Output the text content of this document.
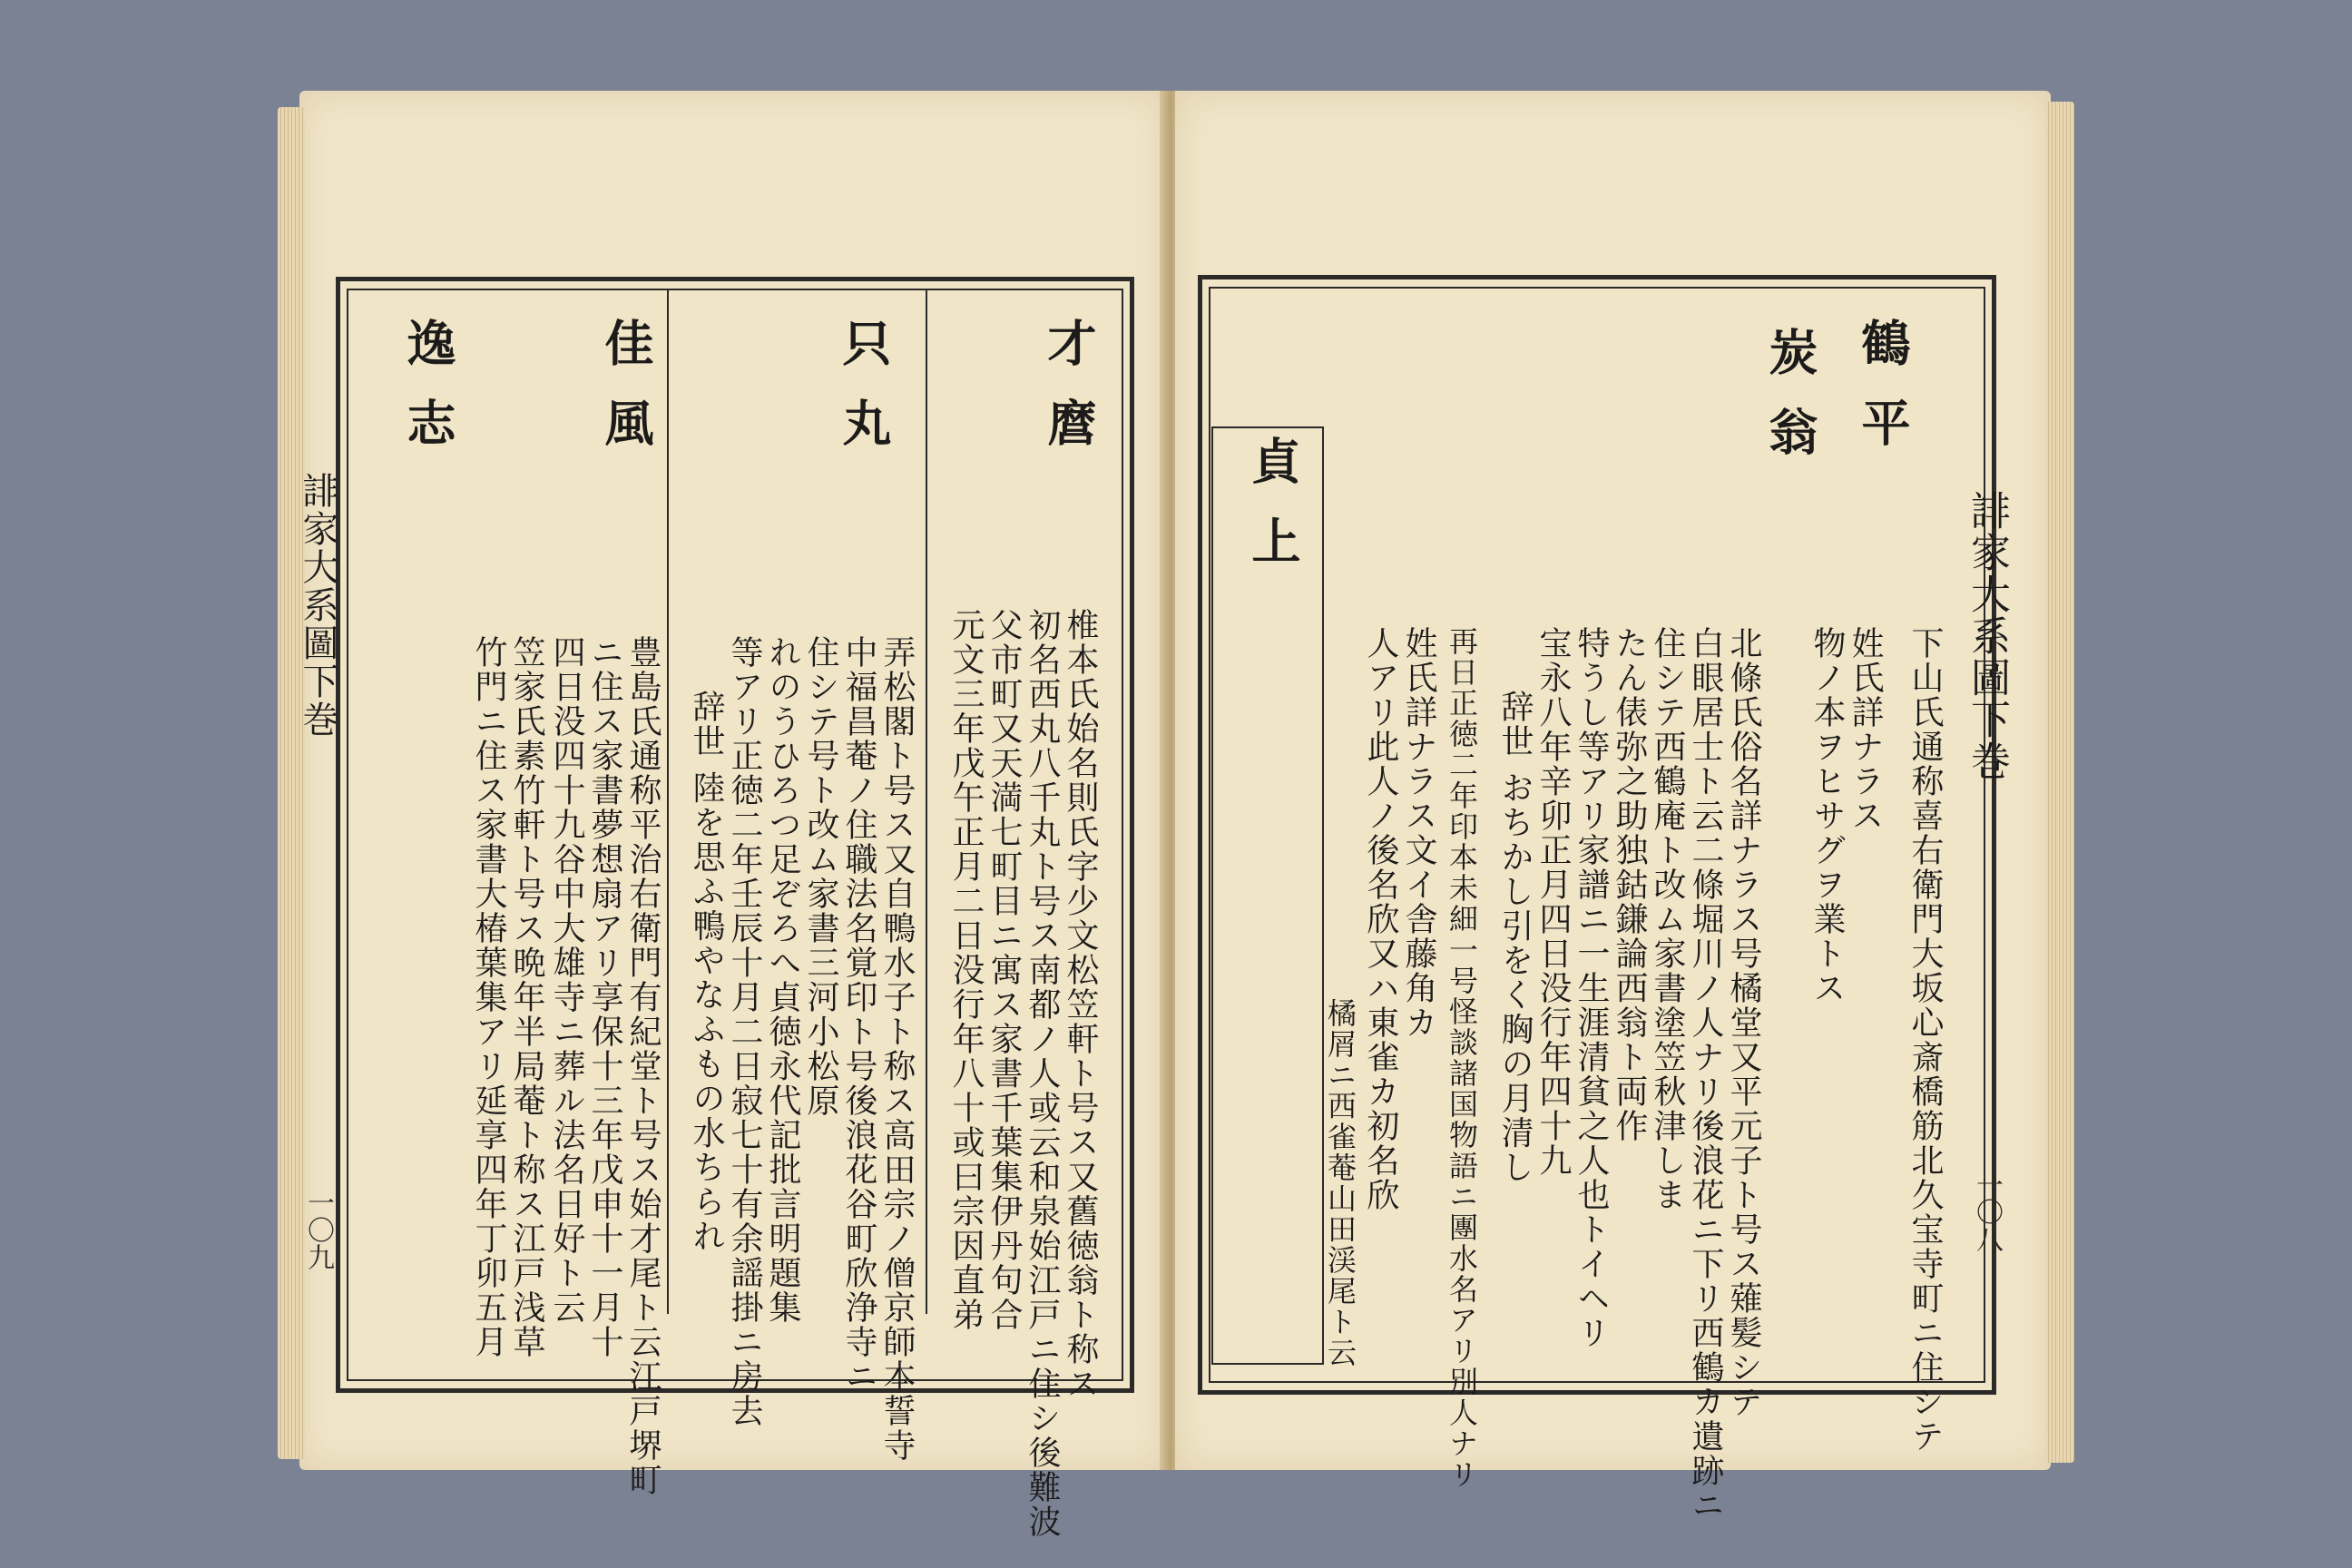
才麿
椎本氏始名則氏字少文松笠軒ト号ス又舊徳翁ト称ス
初名西丸八千丸ト号ス南都ノ人或云和泉始江戸ニ住シ後難波
父市町又天満七町目ニ寓ス家書千葉集伊丹句合
元文三年戊午正月二日没行年八十或曰宗因直弟
只丸
弄松閣ト号ス又自鴨水子ト称ス高田宗ノ僧京師本誓寺
中福昌菴ノ住職法名覚印ト号後浪花谷町欣浄寺ニ
住シテ号ト改ム家書三河小松原
れのうひろつ足ぞろへ貞徳永代記批言明題集
等アリ正徳二年壬辰十月二日寂七十有余謡掛ニ房去
辞世 陸を思ふ鴨やなふもの水ちられ
佳風
豊島氏通称平治右衛門有紀堂ト号ス始才尾ト云江戸堺町
ニ住ス家書夢想扇アリ享保十三年戊申十一月十
四日没四十九谷中大雄寺ニ葬ル法名日好ト云
逸志
笠家氏素竹軒ト号ス晩年半局菴ト称ス江戸浅草
竹門ニ住ス家書大椿葉集アリ延享四年丁卯五月
誹家大系圖下巻
一〇九
誹家大系圖下巻
一〇八
鶴平
姓氏詳ナラス
物ノ本ヲヒサグヲ業トス 下山氏通称喜右衛門大坂心斎橋筋北久宝寺町ニ住シテ
炭翁
北條氏俗名詳ナラス号橘堂又平元子ト号ス薙髪シテ
白眼居士ト云二條堀川ノ人ナリ後浪花ニ下リ西鶴カ遺跡ニ
住シテ西鶴庵ト改ム家書塗笠秋津しま
たん俵弥之助独鈷鎌論西翁ト両作
特うし等アリ家譜ニ一生涯清貧之人也トイヘリ
宝永八年辛卯正月四日没行年四十九
辞世 おちかし引をく胸の月清し
貞上
姓氏詳ナラス文イ舎藤角カ
人アリ此人ノ後名欣又ハ東雀カ初名欣 再日正徳二年印本未細一号怪談諸国物語ニ團水名アリ別人ナリ
橘屑ニ西雀菴山田渓尾ト云
